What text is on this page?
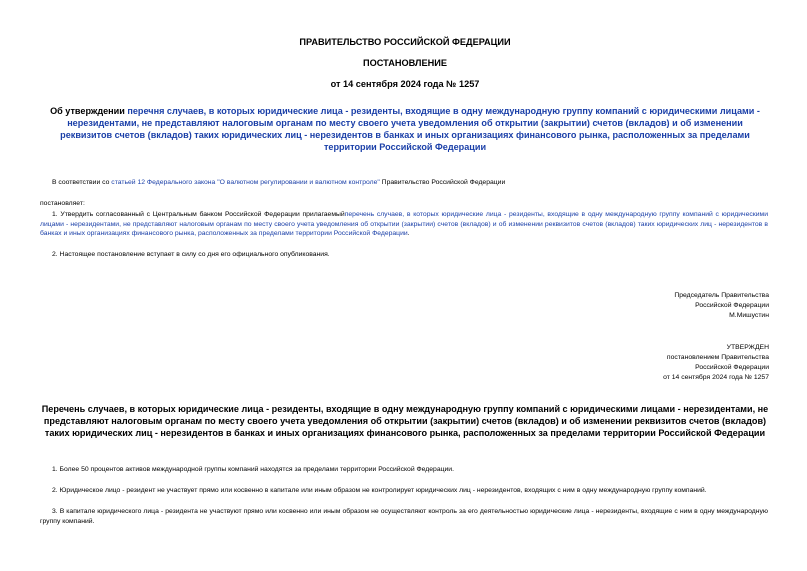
ПРАВИТЕЛЬСТВО РОССИЙСКОЙ ФЕДЕРАЦИИ
ПОСТАНОВЛЕНИЕ
от 14 сентября 2024 года № 1257
Об утверждении перечня случаев, в которых юридические лица - резиденты, входящие в одну международную группу компаний с юридическими лицами - нерезидентами, не представляют налоговым органам по месту своего учета уведомления об открытии (закрытии) счетов (вкладов) и об изменении реквизитов счетов (вкладов) таких юридических лиц - нерезидентов в банках и иных организациях финансового рынка, расположенных за пределами территории Российской Федерации
В соответствии со статьей 12 Федерального закона "О валютном регулировании и валютном контроле" Правительство Российской Федерации
постановляет:
1. Утвердить согласованный с Центральным банком Российской Федерации прилагаемыйперечень случаев, в которых юридические лица - резиденты, входящие в одну международную группу компаний с юридическими лицами - нерезидентами, не представляют налоговым органам по месту своего учета уведомления об открытии (закрытии) счетов (вкладов) и об изменении реквизитов счетов (вкладов) таких юридических лиц - нерезидентов в банках и иных организациях финансового рынка, расположенных за пределами территории Российской Федерации.
2. Настоящее постановление вступает в силу со дня его официального опубликования.
Председатель Правительства
Российской Федерации
М.Мишустин
УТВЕРЖДЕН
постановлением Правительства
Российской Федерации
от 14 сентября 2024 года № 1257
Перечень случаев, в которых юридические лица - резиденты, входящие в одну международную группу компаний с юридическими лицами - нерезидентами, не представляют налоговым органам по месту своего учета уведомления об открытии (закрытии) счетов (вкладов) и об изменении реквизитов счетов (вкладов) таких юридических лиц - нерезидентов в банках и иных организациях финансового рынка, расположенных за пределами территории Российской Федерации
1. Более 50 процентов активов международной группы компаний находятся за пределами территории Российской Федерации.
2. Юридическое лицо - резидент не участвует прямо или косвенно в капитале или иным образом не контролирует юридических лиц - нерезидентов, входящих с ним в одну международную группу компаний.
3. В капитале юридического лица - резидента не участвуют прямо или косвенно или иным образом не осуществляют контроль за его деятельностью юридические лица - нерезиденты, входящие с ним в одну международную группу компаний.
